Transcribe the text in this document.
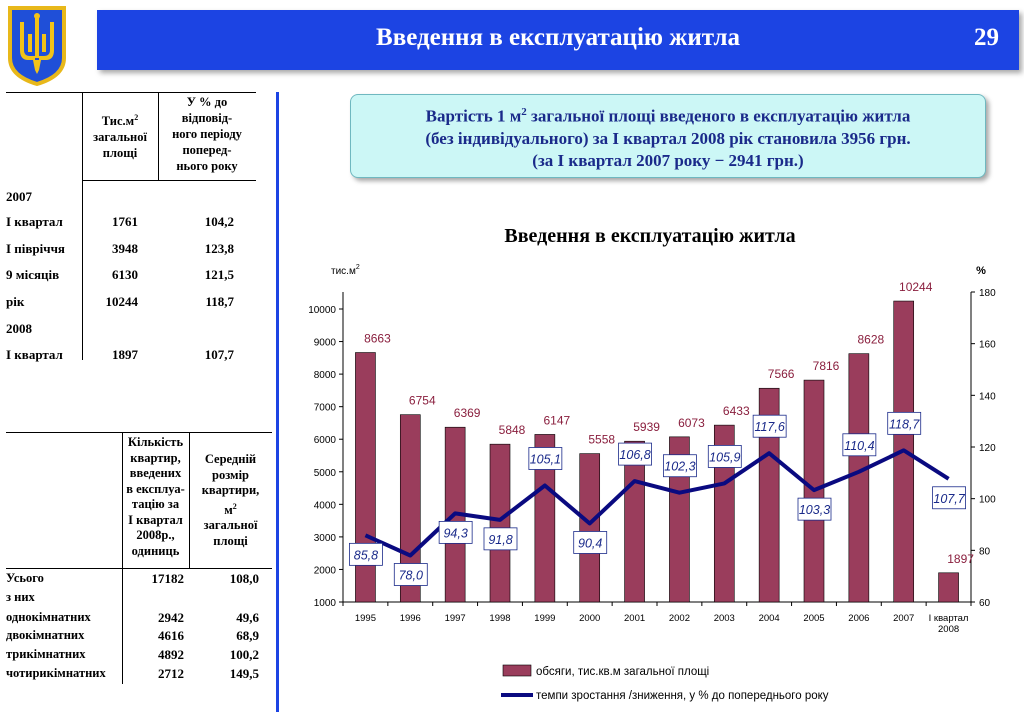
Введення в експлуатацію житла	29
$Тис.м^2$
загальної
площі
У % до
відповід-
ного періоду
поперед-
нього року
2007
І квартал	1761	104,2
І півріччя	3948	123,8
9 місяців	6130	121,5
рік	10244	118,7
2008
І квартал	1897	107,7
Кількість
квартир,
введених
в експлуа-
тацію за
І квартал
2008р.,
одиниць
Середній
розмір
квартири,
$м^2$
загальної
площі
Усього	17182	108,0
з них
однокімнатних	2942	49,6
двокімнатних	4616	68,9
трикімнатних	4892	100,2
чотирикімнатних	2712	149,5
Вартість 1 $м^2$ загальної площі введеного в експлуатацію житла
(без індивідуального) за І квартал 2008 рік становила 3956 грн.
(за І квартал 2007 року − 2941 грн.)
Введення в експлуатацію житла
$тис.м^2$	%
1000
2000
3000
4000
5000
6000
7000
8000
9000
10000
60
80
100
120
140
160
180
1995 1996 1997 1998 1999 2000 2001 2002 2003 2004 2005 2006 2007 І квартал
2008
8663
6754
6369
5848
6147
5558
5939 6073
6433
7566
7816
8628
10244
1897
85,8
78,0
94,3 91,8
105,1
90,4
106,8
102,3
105,9
117,6
103,3
110,4
118,7
107,7
обсяги, тис.кв.м загальної площі
темпи зростання /зниження, у % до попереднього року
